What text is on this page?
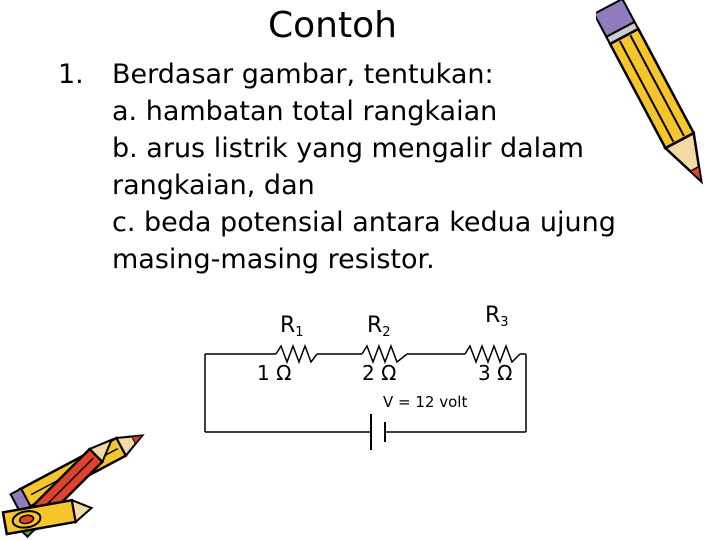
Contoh
1. Berdasar gambar, tentukan:
a. hambatan total rangkaian
b. arus listrik yang mengalir dalam
rangkaian, dan
c. beda potensial antara kedua ujung
masing-masing resistor.
$R_1$	$R_2$
$R_3$
1 Ω	2 Ω	3 Ω
V = 12 volt
